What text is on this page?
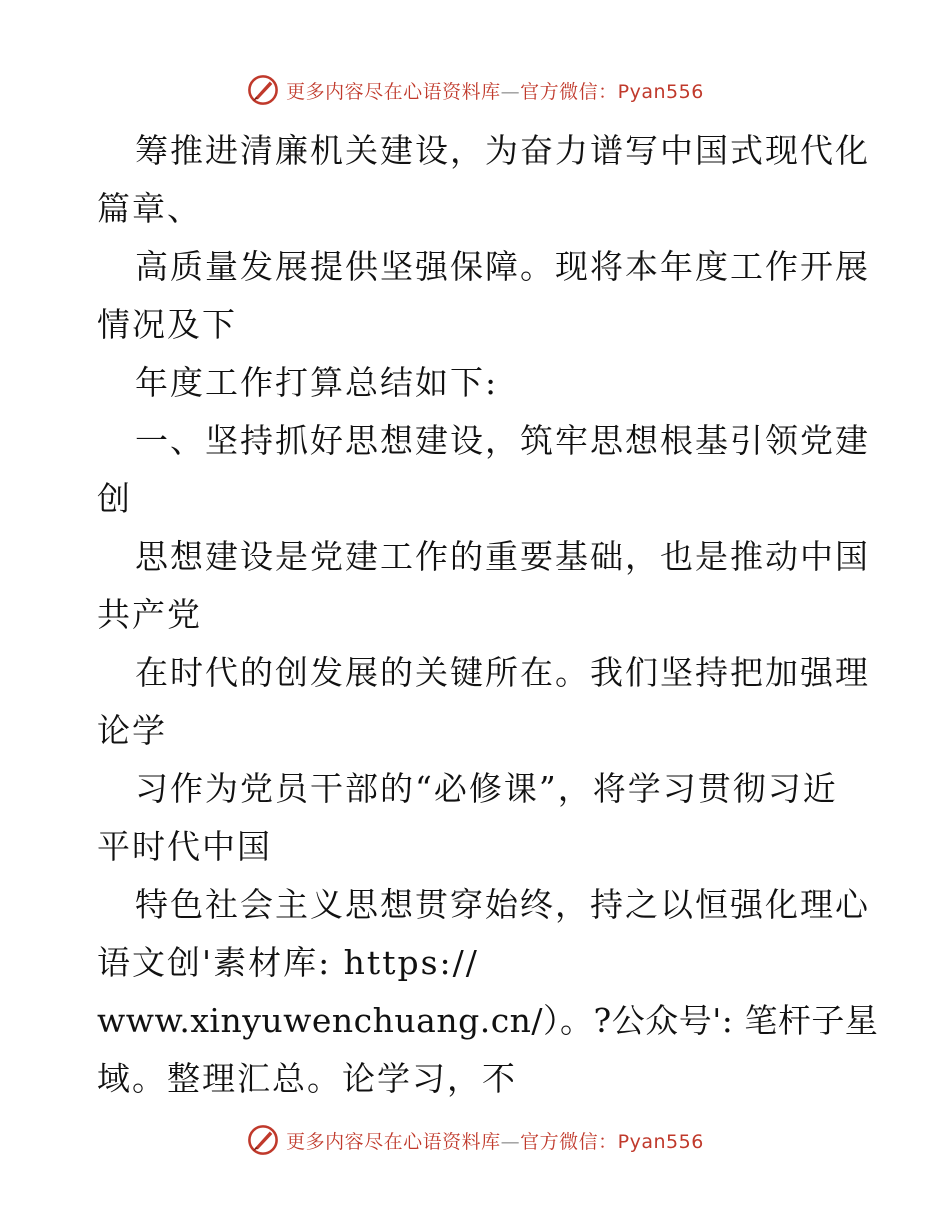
更多内容尽在心语资料库—官方微信：Pyan556
筹推进清廉机关建设，为奋力谱写中国式现代化
篇章、
高质量发展提供坚强保障。现将本年度工作开展
情况及下
年度工作打算总结如下:
一、坚持抓好思想建设，筑牢思想根基引领党建
创
思想建设是党建工作的重要基础，也是推动中国
共产党
在时代的创发展的关键所在。我们坚持把加强理
论学
习作为党员干部的“必修课”，将学习贯彻习近
平时代中国
特色社会主义思想贯穿始终，持之以恒强化理心
语文创'素材库: https://
www.xinyuwenchuang.cn/）。?公众号': 笔杆子星
域。整理汇总。论学习，不
更多内容尽在心语资料库—官方微信：Pyan556
